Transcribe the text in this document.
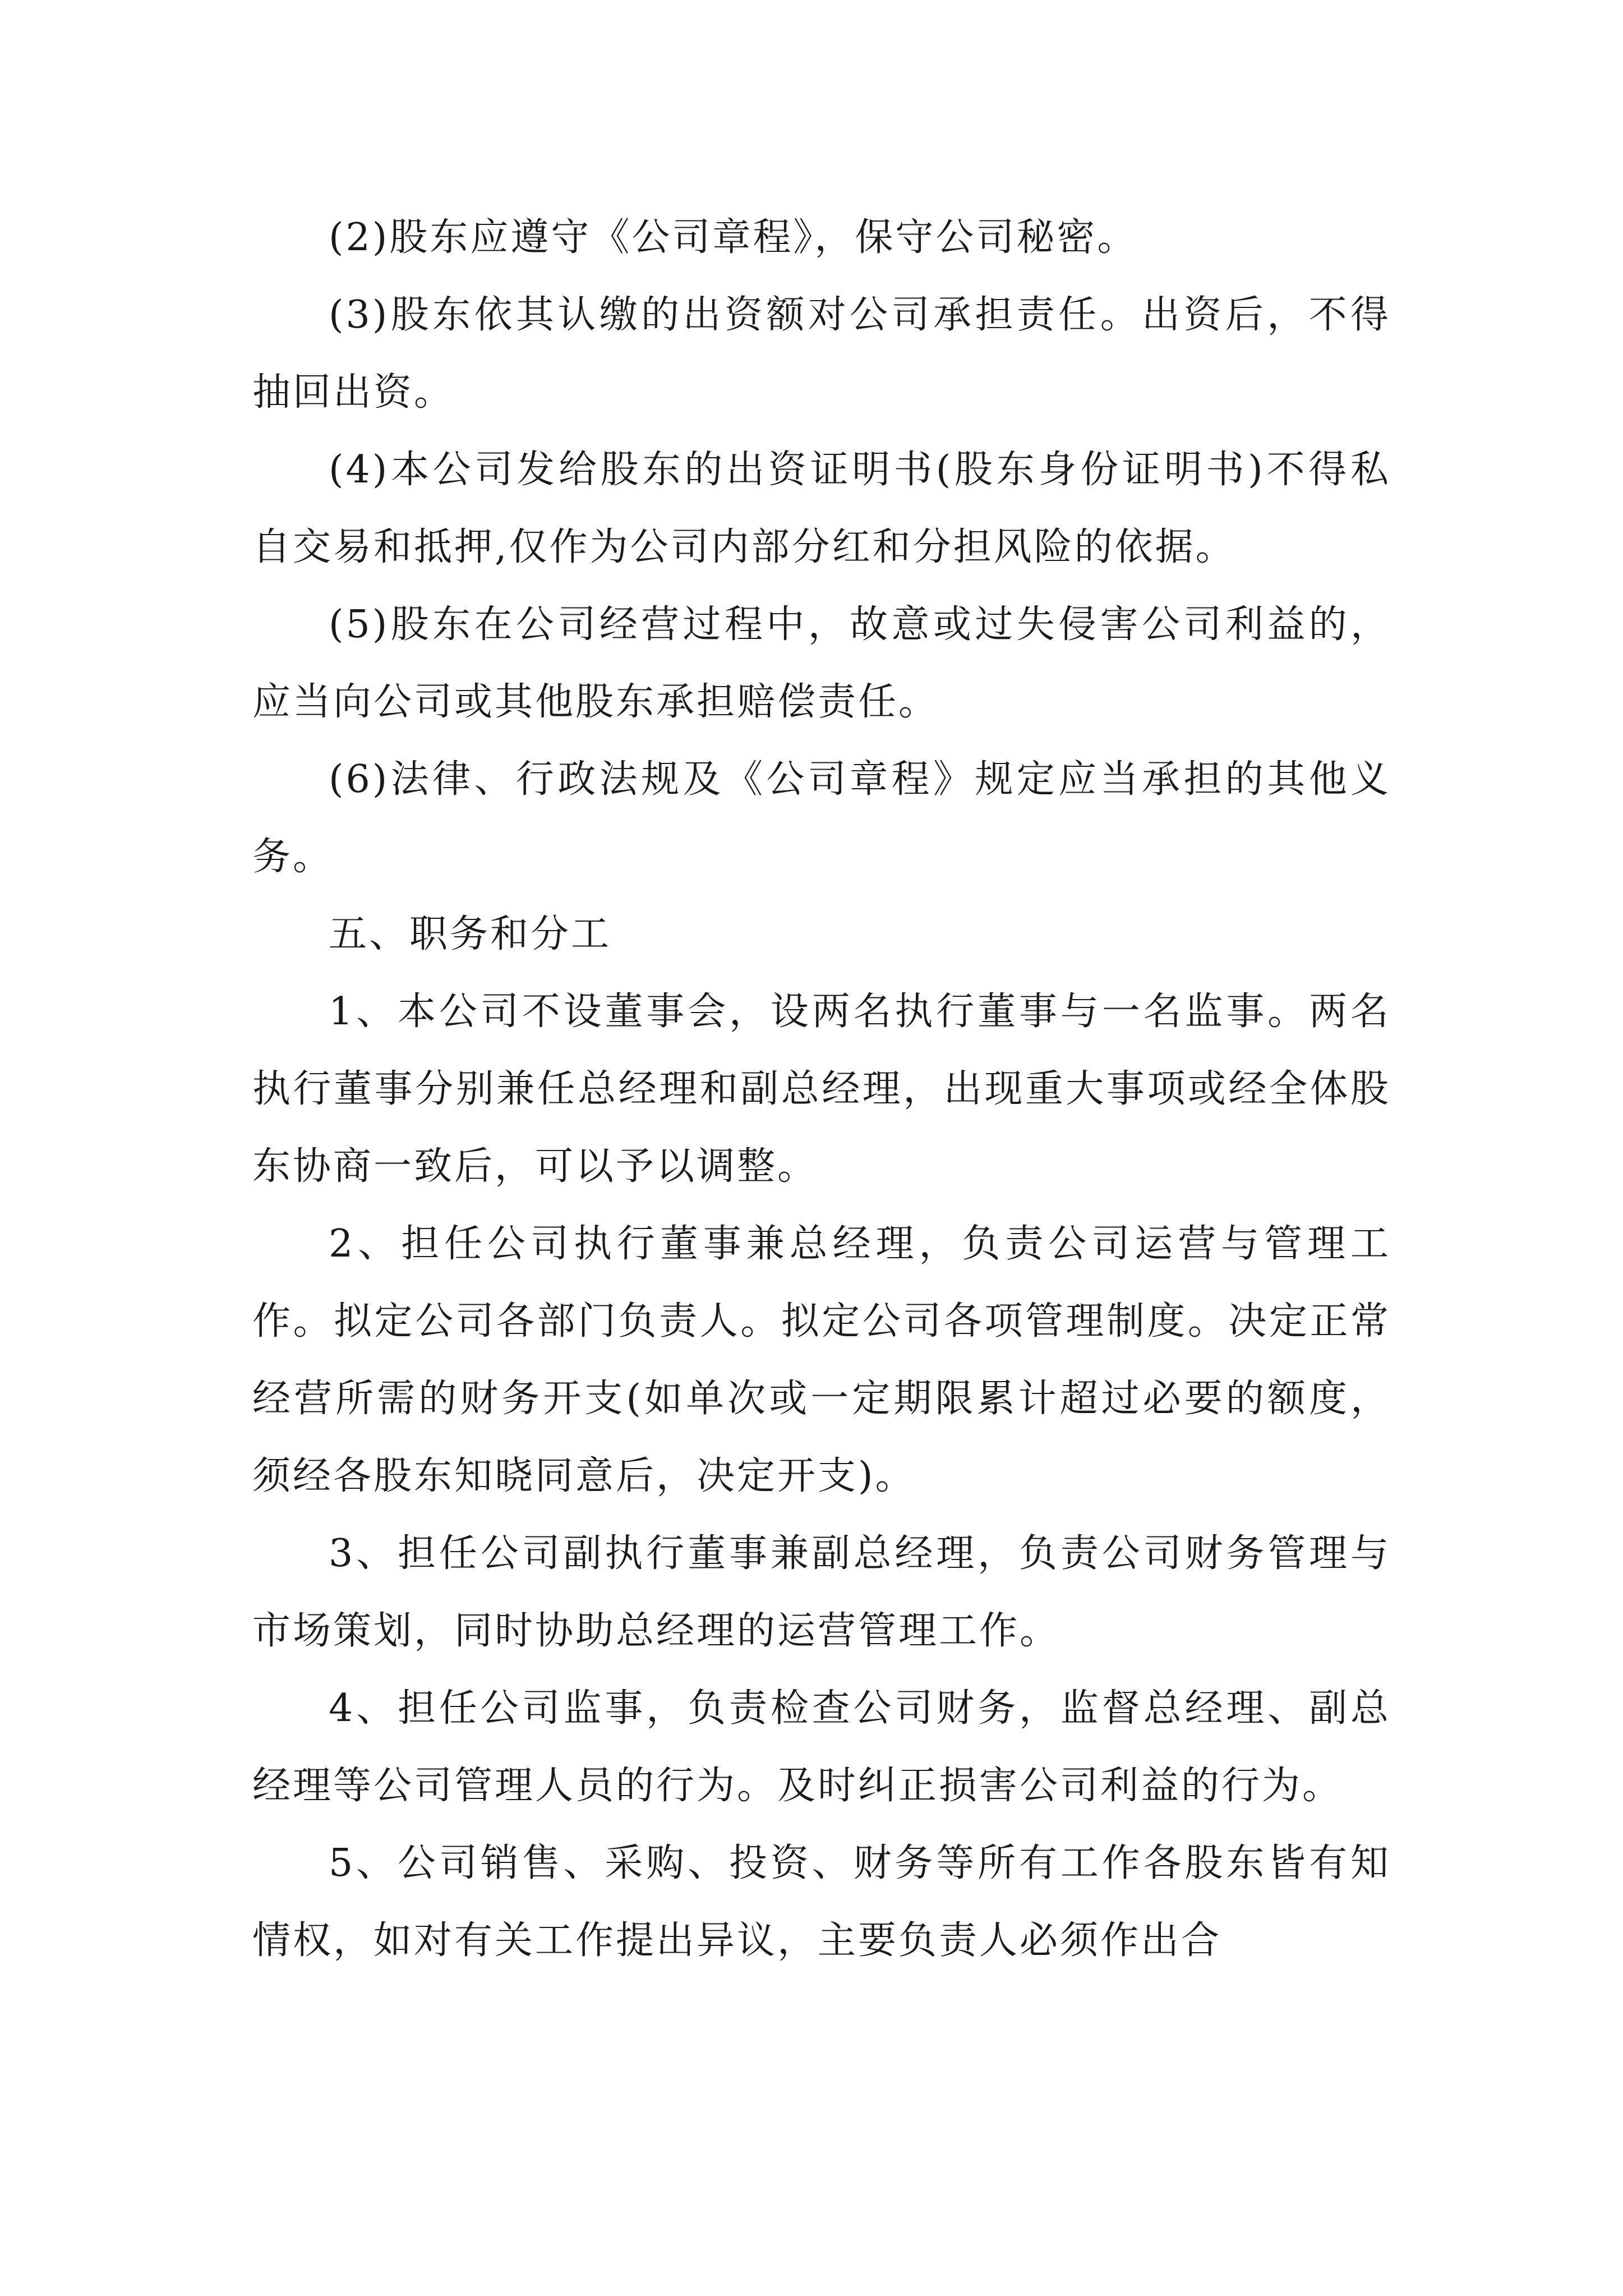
(2)股东应遵守《公司章程》，保守公司秘密。

(3)股东依其认缴的出资额对公司承担责任。出资后，不得抽回出资。

(4)本公司发给股东的出资证明书(股东身份证明书)不得私自交易和抵押,仅作为公司内部分红和分担风险的依据。

(5)股东在公司经营过程中，故意或过失侵害公司利益的，应当向公司或其他股东承担赔偿责任。

(6)法律、行政法规及《公司章程》规定应当承担的其他义务。

五、职务和分工

1、本公司不设董事会，设两名执行董事与一名监事。两名执行董事分别兼任总经理和副总经理，出现重大事项或经全体股东协商一致后，可以予以调整。

2、担任公司执行董事兼总经理，负责公司运营与管理工作。拟定公司各部门负责人。拟定公司各项管理制度。决定正常经营所需的财务开支(如单次或一定期限累计超过必要的额度，须经各股东知晓同意后，决定开支)。

3、担任公司副执行董事兼副总经理，负责公司财务管理与市场策划，同时协助总经理的运营管理工作。

4、担任公司监事，负责检查公司财务，监督总经理、副总经理等公司管理人员的行为。及时纠正损害公司利益的行为。

5、公司销售、采购、投资、财务等所有工作各股东皆有知情权，如对有关工作提出异议，主要负责人必须作出合
